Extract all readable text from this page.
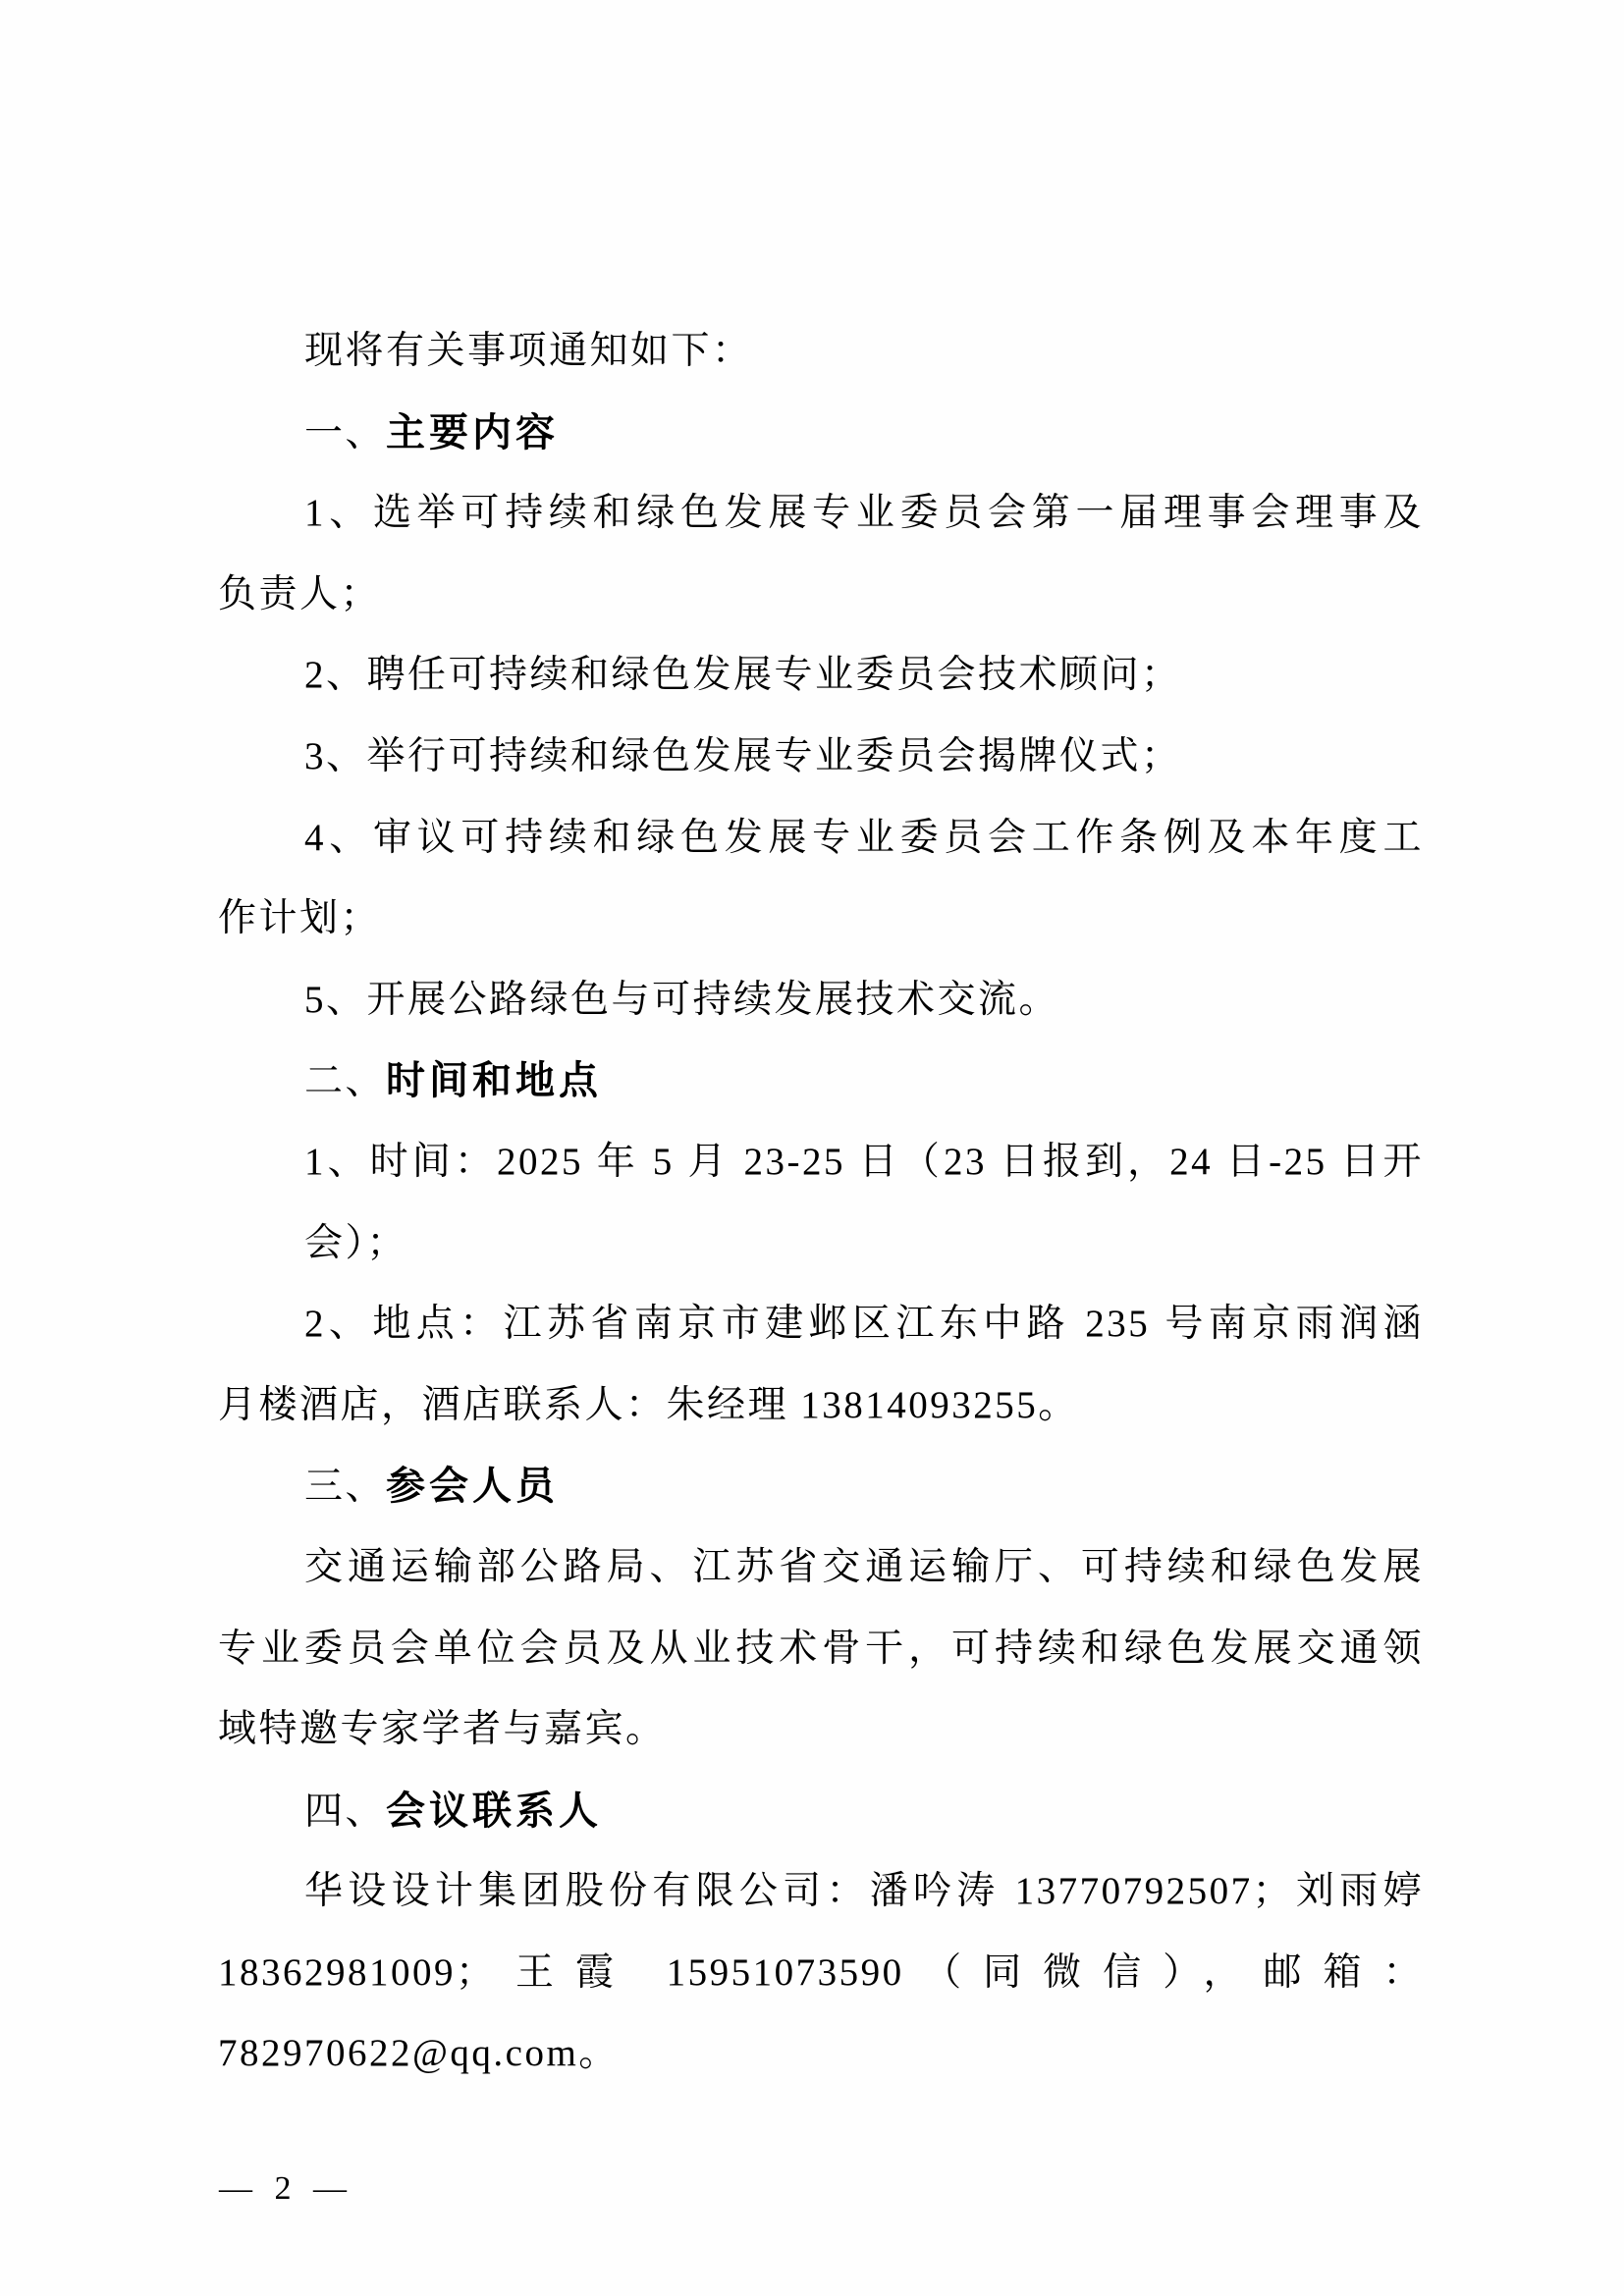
现将有关事项通知如下：
一、主要内容
1、选举可持续和绿色发展专业委员会第一届理事会理事及
负责人；
2、聘任可持续和绿色发展专业委员会技术顾问；
3、举行可持续和绿色发展专业委员会揭牌仪式；
4、审议可持续和绿色发展专业委员会工作条例及本年度工
作计划；
5、开展公路绿色与可持续发展技术交流。
二、时间和地点
1、时间：2025 年 5 月 23-25 日（23 日报到，24 日-25 日开
会）；
2、地点：江苏省南京市建邺区江东中路 235 号南京雨润涵
月楼酒店，酒店联系人：朱经理 13814093255。
三、参会人员
交通运输部公路局、江苏省交通运输厅、可持续和绿色发展
专业委员会单位会员及从业技术骨干，可持续和绿色发展交通领
域特邀专家学者与嘉宾。
四、会议联系人
华设设计集团股份有限公司：潘吟涛 13770792507；刘雨婷
18362981009；王霞 15951073590（同微信），邮箱：
782970622@qq.com。
— 2 —
